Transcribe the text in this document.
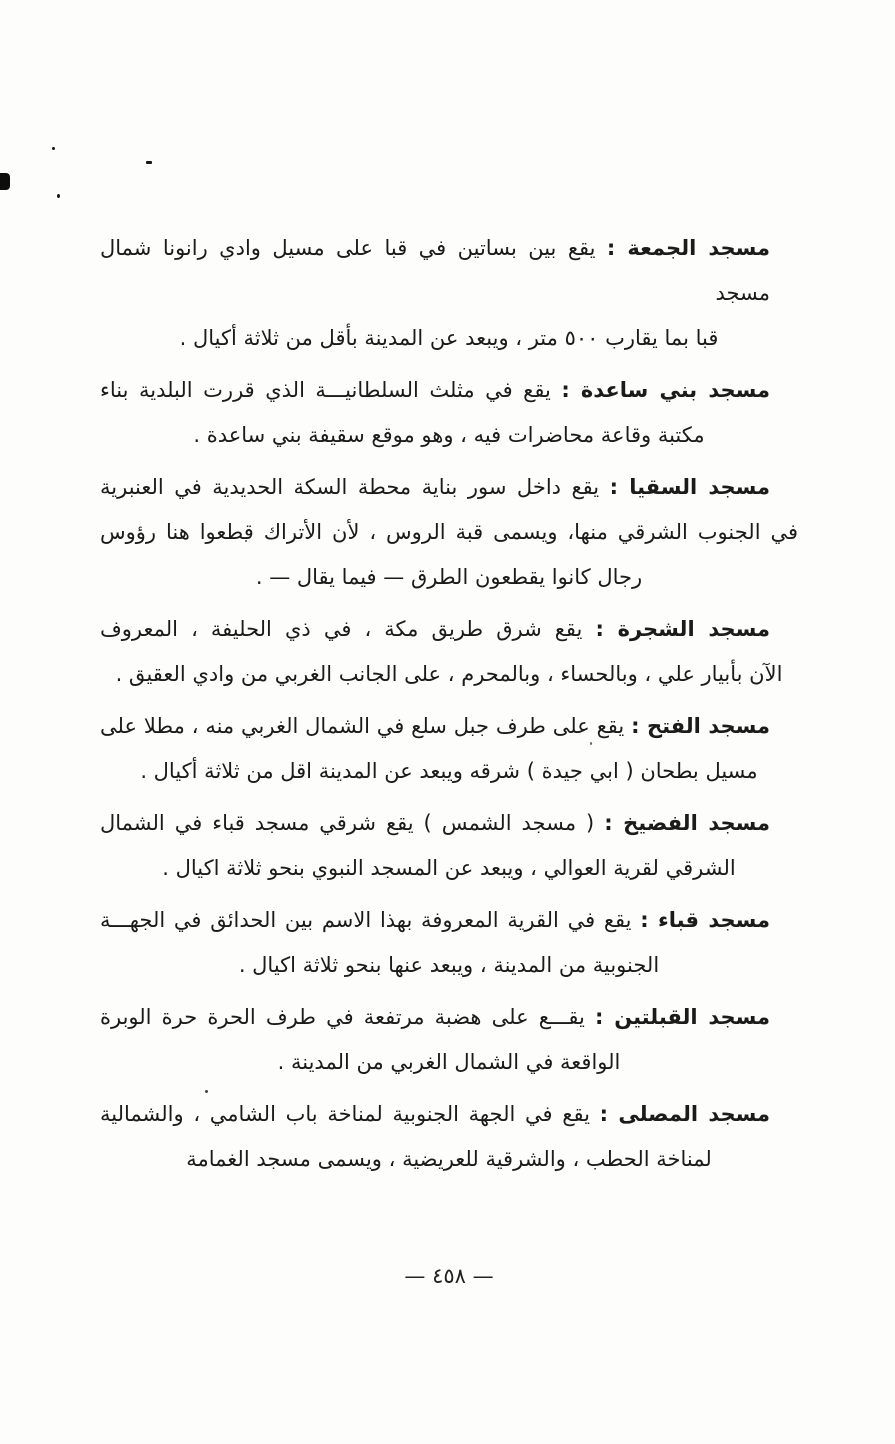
مسجد الجمعة : يقع بين بساتين في قبا على مسيل وادي رانونا شمال مسجد
قبا بما يقارب ٥٠٠ متر ، ويبعد عن المدينة بأقل من ثلاثة أكيال .
مسجد بني ساعدة : يقع في مثلث السلطانيـــة الذي قررت البلدية بناء
مكتبة وقاعة محاضرات فيه ، وهو موقع سقيفة بني ساعدة .
مسجد السقيا : يقع داخل سور بناية محطة السكة الحديدية في العنبرية
في الجنوب الشرقي منها، ويسمى قبة الروس ، لأن الأتراك قطعوا هنا رؤوس
رجال كانوا يقطعون الطرق — فيما يقال — .
مسجد الشجرة : يقع شرق طريق مكة ، في ذي الحليفة ، المعروف
الآن بأبيار علي ، وبالحساء ، وبالمحرم ، على الجانب الغربي من وادي العقيق .
مسجد الفتح : يقع على طرف جبل سلع في الشمال الغربي منه ، مطلا على
مسيل بطحان ( ابي جيدة ) شرقه ويبعد عن المدينة اقل من ثلاثة أكيال .
مسجد الفضيخ : ( مسجد الشمس ) يقع شرقي مسجد قباء في الشمال
الشرقي لقرية العوالي ، ويبعد عن المسجد النبوي بنحو ثلاثة اكيال .
مسجد قباء : يقع في القرية المعروفة بهذا الاسم بين الحدائق في الجهـــة
الجنوبية من المدينة ، ويبعد عنها بنحو ثلاثة اكيال .
مسجد القبلتين : يقـــع على هضبة مرتفعة في طرف الحرة حرة الوبرة
الواقعة في الشمال الغربي من المدينة .
مسجد المصلى : يقع في الجهة الجنوبية لمناخة باب الشامي ، والشمالية
لمناخة الحطب ، والشرقية للعريضية ، ويسمى مسجد الغمامة
— ٤٥٨ —
